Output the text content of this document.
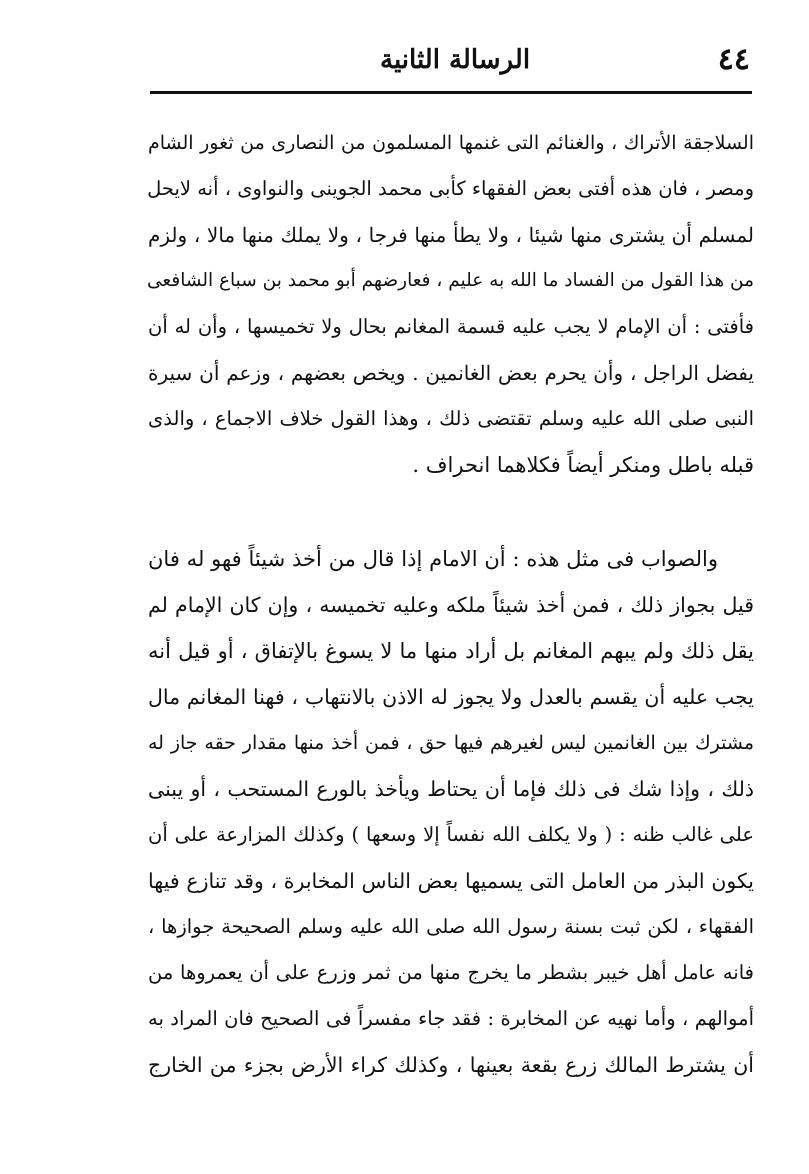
الرسالة الثانية	٤٤
السلاجقة الأتراك ، والغنائم التى غنمها المسلمون من النصارى من ثغور الشام
ومصر ، فان هذه أفتى بعض الفقهاء كأبى محمد الجوينى والنواوى ، أنه لايحل
لمسلم أن يشترى منها شيئا ، ولا يطأ منها فرجا ، ولا يملك منها مالا ، ولزم
من هذا القول من الفساد ما الله به عليم ، فعارضهم أبو محمد بن سباع الشافعى
فأفتى : أن الإمام لا يجب عليه قسمة المغانم بحال ولا تخميسها ، وأن له أن
يفضل الراجل ، وأن يحرم بعض الغانمين . ويخص بعضهم ، وزعم أن سيرة
النبى صلى الله عليه وسلم تقتضى ذلك ، وهذا القول خلاف الاجماع ، والذى
قبله باطل ومنكر أيضاً فكلاهما انحراف .
والصواب فى مثل هذه : أن الامام إذا قال من أخذ شيئاً فهو له فان
قيل بجواز ذلك ، فمن أخذ شيئاً ملكه وعليه تخميسه ، وإن كان الإمام لم
يقل ذلك ولم يبهم المغانم بل أراد منها ما لا يسوغ بالإتفاق ، أو قيل أنه
يجب عليه أن يقسم بالعدل ولا يجوز له الاذن بالانتهاب ، فهنا المغانم مال
مشترك بين الغانمين ليس لغيرهم فيها حق ، فمن أخذ منها مقدار حقه جاز له
ذلك ، وإذا شك فى ذلك فإما أن يحتاط ويأخذ بالورع المستحب ، أو يبنى
على غالب ظنه : ( ولا يكلف الله نفساً إلا وسعها ) وكذلك المزارعة على أن
يكون البذر من العامل التى يسميها بعض الناس المخابرة ، وقد تنازع فيها
الفقهاء ، لكن ثبت بسنة رسول الله صلى الله عليه وسلم الصحيحة جوازها ،
فانه عامل أهل خيبر بشطر ما يخرج منها من ثمر وزرع على أن يعمروها من
أموالهم ، وأما نهيه عن المخابرة : فقد جاء مفسراً فى الصحيح فان المراد به
أن يشترط المالك زرع بقعة بعينها ، وكذلك كراء الأرض بجزء من الخارج
